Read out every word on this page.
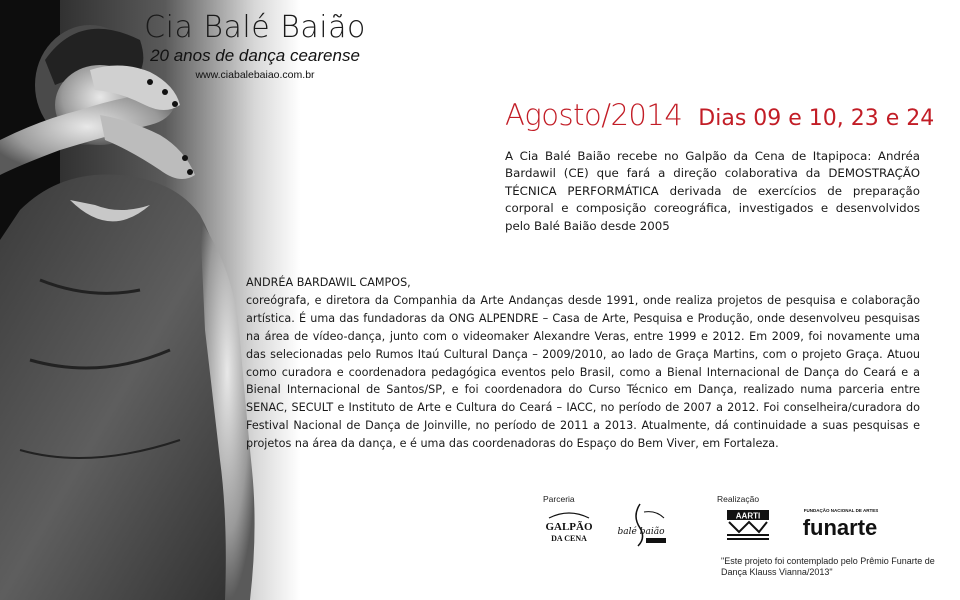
Cia Balé Baião
20 anos de dança cearense
www.ciabalebaiao.com.br
Agosto/2014 Dias 09 e 10, 23 e 24
A Cia Balé Baião recebe no Galpão da Cena de Itapipoca: Andréa Bardawil (CE) que fará a direção colaborativa da DEMOSTRAÇÃO TÉCNICA PERFORMÁTICA derivada de exercícios de preparação corporal e composição coreográfica, investigados e desenvolvidos pelo Balé Baião desde 2005
ANDRÉA BARDAWIL CAMPOS,
coreógrafa, e diretora da Companhia da Arte Andanças desde 1991, onde realiza projetos de pesquisa e colaboração artística. É uma das fundadoras da ONG ALPENDRE – Casa de Arte, Pesquisa e Produção, onde desenvolveu pesquisas na área de vídeo-dança, junto com o videomaker Alexandre Veras, entre 1999 e 2012. Em 2009, foi novamente uma das selecionadas pelo Rumos Itaú Cultural Dança – 2009/2010, ao lado de Graça Martins, com o projeto Graça. Atuou como curadora e coordenadora pedagógica eventos pelo Brasil, como a Bienal Internacional de Dança do Ceará e a Bienal Internacional de Santos/SP, e foi coordenadora do Curso Técnico em Dança, realizado numa parceria entre SENAC, SECULT e Instituto de Arte e Cultura do Ceará – IACC, no período de 2007 a 2012. Foi conselheira/curadora do Festival Nacional de Dança de Joinville, no período de 2011 a 2013. Atualmente, dá continuidade a suas pesquisas e projetos na área da dança, e é uma das coordenadoras do Espaço do Bem Viver, em Fortaleza.
Parceria
GALPÃO
DA CENA
balé baião
Realização
AARTI
FUNDAÇÃO NACIONAL DE ARTES
funarte
"Este projeto foi contemplado pelo Prêmio Funarte de Dança Klauss Vianna/2013"
